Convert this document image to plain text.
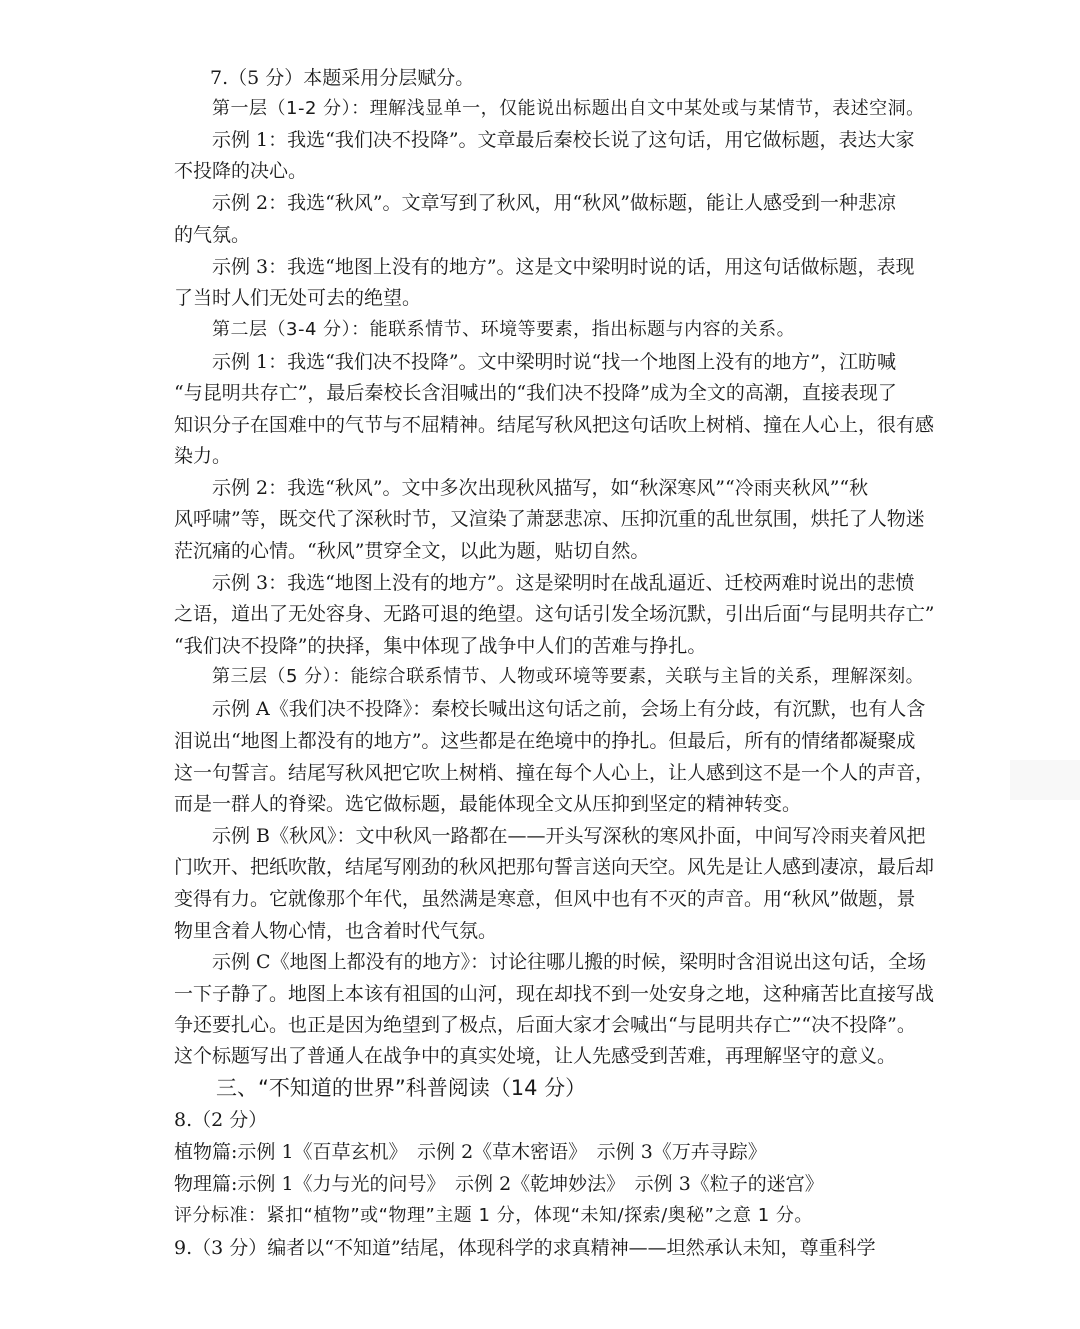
7.（5 分）本题采用分层赋分。
第一层（1-2 分）：理解浅显单一，仅能说出标题出自文中某处或与某情节，表述空洞。
示例 1：我选“我们决不投降”。文章最后秦校长说了这句话，用它做标题，表达大家
不投降的决心。
示例 2：我选“秋风”。文章写到了秋风，用“秋风”做标题，能让人感受到一种悲凉
的气氛。
示例 3：我选“地图上没有的地方”。这是文中梁明时说的话，用这句话做标题，表现
了当时人们无处可去的绝望。
第二层（3-4 分）：能联系情节、环境等要素，指出标题与内容的关系。
示例 1：我选“我们决不投降”。文中梁明时说“找一个地图上没有的地方”，江昉喊
“与昆明共存亡”，最后秦校长含泪喊出的“我们决不投降”成为全文的高潮，直接表现了
知识分子在国难中的气节与不屈精神。结尾写秋风把这句话吹上树梢、撞在人心上，很有感
染力。
示例 2：我选“秋风”。文中多次出现秋风描写，如“秋深寒风”“冷雨夹秋风”“秋
风呼啸”等，既交代了深秋时节，又渲染了萧瑟悲凉、压抑沉重的乱世氛围，烘托了人物迷
茫沉痛的心情。“秋风”贯穿全文，以此为题，贴切自然。
示例 3：我选“地图上没有的地方”。这是梁明时在战乱逼近、迁校两难时说出的悲愤
之语，道出了无处容身、无路可退的绝望。这句话引发全场沉默，引出后面“与昆明共存亡”
“我们决不投降”的抉择，集中体现了战争中人们的苦难与挣扎。
第三层（5 分）：能综合联系情节、人物或环境等要素，关联与主旨的关系，理解深刻。
示例 A《我们决不投降》：秦校长喊出这句话之前，会场上有分歧，有沉默，也有人含
泪说出“地图上都没有的地方”。这些都是在绝境中的挣扎。但最后，所有的情绪都凝聚成
这一句誓言。结尾写秋风把它吹上树梢、撞在每个人心上，让人感到这不是一个人的声音，
而是一群人的脊梁。选它做标题，最能体现全文从压抑到坚定的精神转变。
示例 B《秋风》：文中秋风一路都在——开头写深秋的寒风扑面，中间写冷雨夹着风把
门吹开、把纸吹散，结尾写刚劲的秋风把那句誓言送向天空。风先是让人感到凄凉，最后却
变得有力。它就像那个年代，虽然满是寒意，但风中也有不灭的声音。用“秋风”做题，景
物里含着人物心情，也含着时代气氛。
示例 C《地图上都没有的地方》：讨论往哪儿搬的时候，梁明时含泪说出这句话，全场
一下子静了。地图上本该有祖国的山河，现在却找不到一处安身之地，这种痛苦比直接写战
争还要扎心。也正是因为绝望到了极点，后面大家才会喊出“与昆明共存亡”“决不投降”。
这个标题写出了普通人在战争中的真实处境，让人先感受到苦难，再理解坚守的意义。
三、“不知道的世界”科普阅读（14 分）
8.（2 分）
植物篇:示例 1《百草玄机》　示例 2《草木密语》　示例 3《万卉寻踪》
物理篇:示例 1《力与光的问号》　示例 2《乾坤妙法》　示例 3《粒子的迷宫》
评分标准：紧扣“植物”或“物理”主题 1 分，体现“未知/探索/奥秘”之意 1 分。
9.（3 分）编者以“不知道”结尾，体现科学的求真精神——坦然承认未知，尊重科学
